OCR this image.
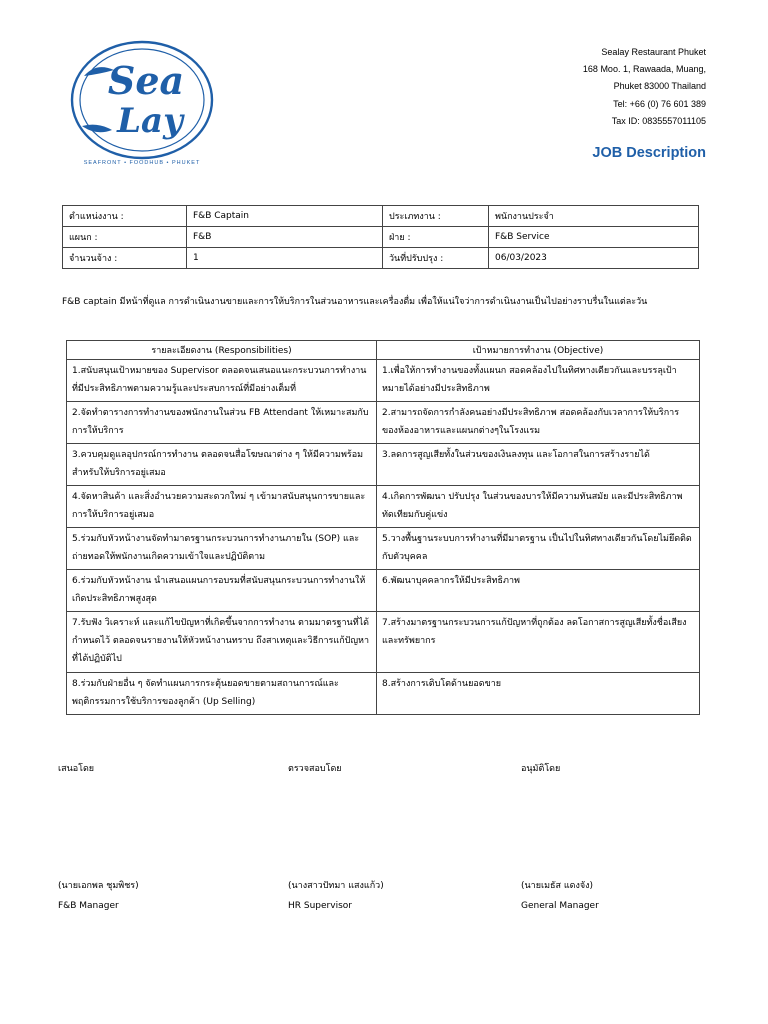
Sea
Lay
SEAFRONT • FOODHUB • PHUKET
Sealay Restaurant Phuket
168 Moo. 1, Rawaada, Muang,
Phuket 83000 Thailand
Tel: +66 (0) 76 601 389
Tax ID: 0835557011105
JOB Description
ตำแหน่งงาน :	F&B Captain	ประเภทงาน :	พนักงานประจำ
แผนก :	F&B	ฝ่าย :	F&B Service
จำนวนจ้าง :	1	วันที่ปรับปรุง :	06/03/2023
F&B captain มีหน้าที่ดูแล การดำเนินงานขายและการให้บริการในส่วนอาหารและเครื่องดื่ม เพื่อให้แน่ใจว่าการดำเนินงานเป็นไปอย่างราบรื่นในแต่ละวัน
รายละเอียดงาน (Responsibilities)	เป้าหมายการทำงาน (Objective)
1.สนับสนุนเป้าหมายของ Supervisor ตลอดจนเสนอแนะกระบวนการทำงานที่มีประสิทธิภาพตามความรู้และประสบการณ์ที่มีอย่างเต็มที่	1.เพื่อให้การทำงานของทั้งแผนก สอดคล้องไปในทิศทางเดียวกันและบรรลุเป้าหมายได้อย่างมีประสิทธิภาพ
2.จัดทำตารางการทำงานของพนักงานในส่วน FB Attendant ให้เหมาะสมกับการให้บริการ	2.สามารถจัดการกำลังคนอย่างมีประสิทธิภาพ สอดคล้องกับเวลาการให้บริการของห้องอาหารและแผนกต่างๆในโรงแรม
3.ควบคุมดูแลอุปกรณ์การทำงาน ตลอดจนสื่อโฆษณาต่าง ๆ ให้มีความพร้อมสำหรับให้บริการอยู่เสมอ	3.ลดการสูญเสียทั้งในส่วนของเงินลงทุน และโอกาสในการสร้างรายได้
4.จัดหาสินค้า และสิ่งอำนวยความสะดวกใหม่ ๆ เข้ามาสนับสนุนการขายและการให้บริการอยู่เสมอ	4.เกิดการพัฒนา ปรับปรุง ในส่วนของบารให้มีความทันสมัย และมีประสิทธิภาพทัดเทียมกับคู่แข่ง
5.ร่วมกับหัวหน้างานจัดทำมาตรฐานกระบวนการทำงานภายใน (SOP) และถ่ายทอดให้พนักงานเกิดความเข้าใจและปฏิบัติตาม	5.วางพื้นฐานระบบการทำงานที่มีมาตรฐาน เป็นไปในทิศทางเดียวกันโดยไม่ยึดติดกับตัวบุคคล
6.ร่วมกับหัวหน้างาน นำเสนอแผนการอบรมที่สนับสนุนกระบวนการทำงานให้เกิดประสิทธิภาพสูงสุด	6.พัฒนาบุคคลากรให้มีประสิทธิภาพ
7.รับฟัง วิเคราะห์ และแก้ไขปัญหาที่เกิดขึ้นจากการทำงาน ตามมาตรฐานที่ได้กำหนดไว้ ตลอดจนรายงานให้หัวหน้างานทราบ ถึงสาเหตุและวิธีการแก้ปัญหาที่ได้ปฏิบัติไป	7.สร้างมาตรฐานกระบวนการแก้ปัญหาที่ถูกต้อง ลดโอกาสการสูญเสียทั้งชื่อเสียงและทรัพยากร
8.ร่วมกับฝ่ายอื่น ๆ จัดทำแผนการกระตุ้นยอดขายตามสถานการณ์และพฤติกรรมการใช้บริการของลูกค้า (Up Selling)	8.สร้างการเติบโตด้านยอดขาย
เสนอโดย	ตรวจสอบโดย	อนุมัติโดย
(นายเอกพล ชุมพิชร)	(นางสาวปัทมา แสงแก้ว)	(นายเมธัส แดงจัง)
F&B Manager	HR Supervisor	General Manager
